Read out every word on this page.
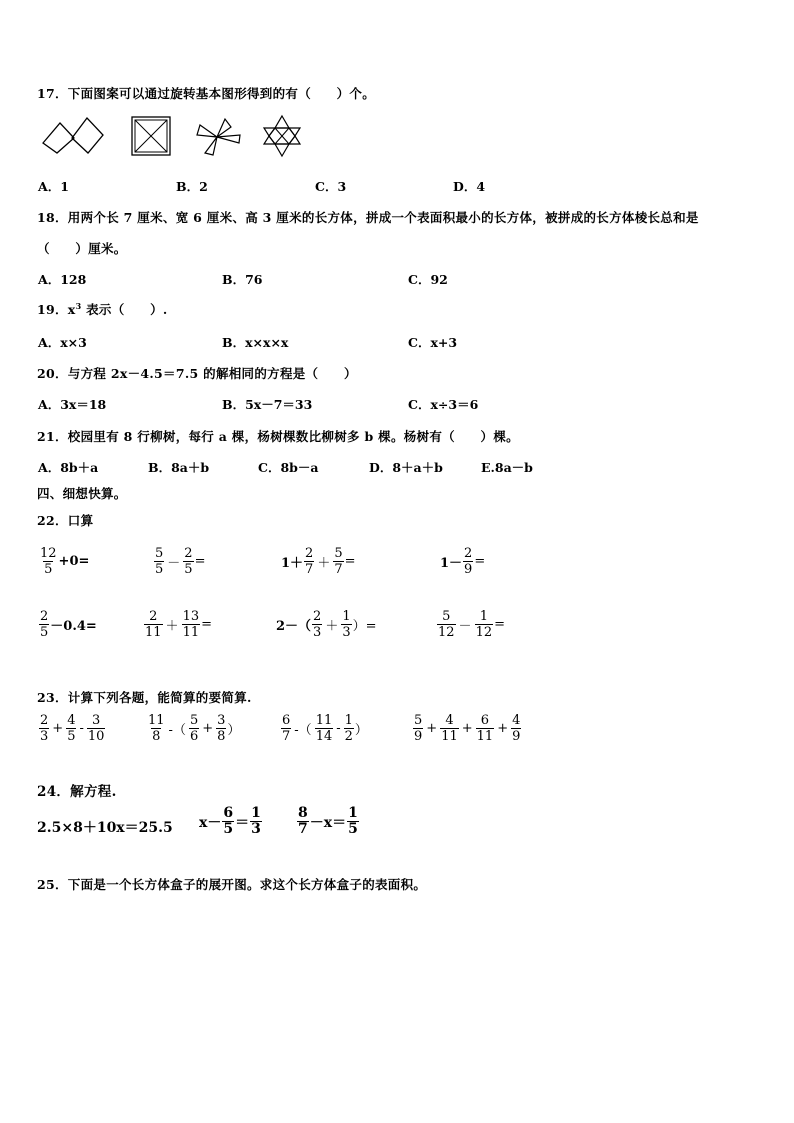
17．下面图案可以通过旋转基本图形得到的有（　　）个。
A．1	B．2	C．3	D．4
18．用两个长 7 厘米、宽 6 厘米、高 3 厘米的长方体，拼成一个表面积最小的长方体，被拼成的长方体棱长总和是
（　　）厘米。
A．128	B．76	C．92
19．$x^3$ 表示（　　）.
A．x×3	B．x×x×x	C．x+3
20．与方程 2x－4.5＝7.5 的解相同的方程是（　　）
A．3x＝18	B．5x－7＝33	C．x÷3＝6
21．校园里有 8 行柳树，每行 a 棵，杨树棵数比柳树多 b 棵。杨树有（　　）棵。
A．8b＋a	B．8a＋b	C．8b－a	D．8＋a＋b	E.8a－b
四、细想快算。
22．口算
$\frac{12}{5} +0=$	$\frac{5}{5} - \frac{2}{5}$ =	$1+ \frac{2}{7} + \frac{5}{7}$ =	$1- \frac{2}{9}$ =
$\frac{2}{5} -0.4=$	$\frac{2}{11} + \frac{13}{11}$ =	$2-( \frac{2}{3} + \frac{1}{3}$ ）=	$\frac{5}{12} - \frac{1}{12}$ =
23．计算下列各题，能简算的要简算.
$\frac{2}{3} + \frac{4}{5} - \frac{3}{10}$	$\frac{11}{8}$ -（ $\frac{5}{6} + \frac{3}{8}$ ）	$\frac{6}{7}$ -（ $\frac{11}{14} - \frac{1}{2}$ ）	$\frac{5}{9} + \frac{4}{11} + \frac{6}{11} + \frac{4}{9}$
24．解方程.
2.5×8＋10x＝25.5 $x- \frac{6}{5} = \frac{1}{3}$	$\frac{8}{7} -x= \frac{1}{5}$
25．下面是一个长方体盒子的展开图。求这个长方体盒子的表面积。
